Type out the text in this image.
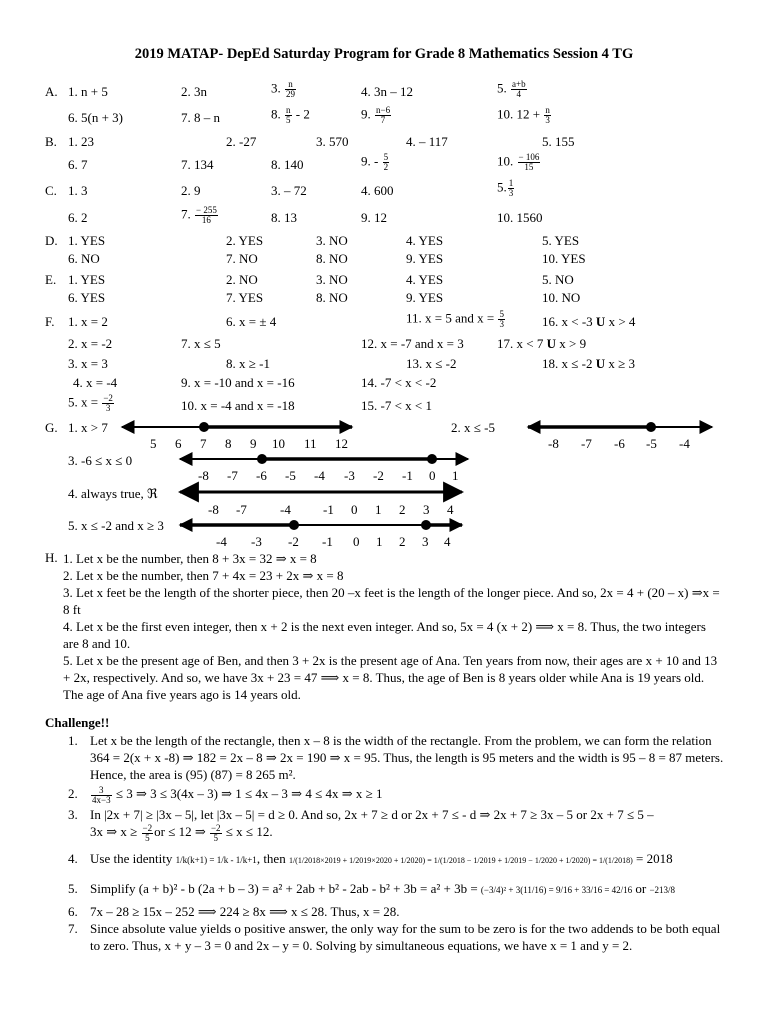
2019 MATAP- DepEd Saturday Program for Grade 8 Mathematics Session 4 TG
A. 1. n + 5	2. 3n	3. $\frac{n}{29}$	4. 3n – 12	5. $\frac{a+b}{4}$
6. 5(n + 3)	7. 8 – n	8. $\frac{n}{5} - 2$	9. $\frac{n-6}{7}$	10. $12 + \frac{n}{3}$
B. 1. 23	2. -27	3. 570	4. – 117	5. 155
6. 7	7. 134	8. 140	9. - $\frac{5}{2}$	10. $\frac{- 106}{15}$
C. 1. 3	2. 9	3. – 72	4. 600	5. $\frac{1}{3}$
6. 2	7. $\frac{- 255}{16}$	8. 13	9. 12	10. 1560
D. 1. YES	2. YES	3. NO	4. YES	5. YES
6. NO	7. NO	8. NO	9. YES	10. YES
E. 1. YES	2. NO	3. NO	4. YES	5. NO
6. YES	7. YES	8. NO	9. YES	10. NO
F. 1. x = 2	6. x = ± 4	11. x = 5 and $x = \frac{5}{3}$	16. x < -3 U x > 4
2. x = -2	7. x ≤ 5	12. x = -7 and x = 3	17. x < 7 U x > 9
3. x = 3	8. x ≥ -1	13. x ≤ -2	18. x ≤ -2 U x ≥ 3
4. x = -4	9. x = -10 and x = -16	14. -7 < x < -2
5. $x = \frac{-2}{3}$	10. x = -4 and x = -18	15. -7 < x < 1
G. 1. x > 7	2. x ≤ -5
3. -6 ≤ x ≤ 0
4. always true, ℜ
5. x ≤ -2 and x ≥ 3
5 6 7 8 9 10 11 12	-8 -7 -6 -5 -4
-8 -7 -6 -5 -4 -3 -2 -1 0 1
-8 -7	-4 -1 0 1 2 3 4
-4 -3 -2 -1 0 1 2 3 4
H. 1. Let x be the number, then 8 + 3x = 32 ⇒ x = 8
2. Let x be the number, then 7 + 4x = 23 + 2x ⇒ x = 8
3. Let x feet be the length of the shorter piece, then 20 –x feet is the length of the longer piece. And so, 2x = 4 + (20 – x) ⇒x = 8 ft
4. Let x be the first even integer, then x + 2 is the next even integer. And so, 5x = 4 (x + 2) ⟹ x = 8. Thus, the two integers are 8 and 10.
5. Let x be the present age of Ben, and then 3 + 2x is the present age of Ana. Ten years from now, their ages are x + 10 and 13 + 2x, respectively. And so, we have 3x + 23 = 47 ⟹ x = 8. Thus, the age of Ben is 8 years older while Ana is 19 years old. The age of Ana five years ago is 14 years old.
Challenge!!
1. Let x be the length of the rectangle, then x – 8 is the width of the rectangle. From the problem, we can form the relation 364 = 2(x + x -8) ⇒ 182 = 2x – 8 ⇒ 2x = 190 ⇒ x = 95. Thus, the length is 95 meters and the width is 95 – 8 = 87 meters. Hence, the area is (95) (87) = 8 265 m².
2. $\frac{3}{4x-3} \le 3$ ⇒ 3 ≤ 3(4x – 3) ⇒ 1 ≤ 4x – 3 ⇒ 4 ≤ 4x ⇒ x ≥ 1
3. In |2x + 7| ≥ |3x – 5|, let |3x – 5| = d ≥ 0. And so, 2x + 7 ≥ d or 2x + 7 ≤ - d ⇒ 2x + 7 ≥ 3x – 5 or 2x + 7 ≤ 5 –
3x ⇒ $x \ge \frac{-2}{5}$ or ≤ 12 ⇒ $\frac{-2}{5} \le x \le 12$.
4. Use the identity 1/k(k+1) = 1/k - 1/k+1, then 1/(1/2018×2019 + 1/2019×2020 + 1/2020) = 1/(1/2018 − 1/2019 + 1/2019 − 1/2020 + 1/2020) = 1/(1/2018) = 2018
5. Simplify (a + b)² - b (2a + b – 3) = a² + 2ab + b² - 2ab - b² + 3b = a² + 3b = (−3/4)² + 3(11/16) = 9/16 + 33/16 = 42/16 or −213/8
6. 7x – 28 ≥ 15x – 252 ⟹ 224 ≥ 8x ⟹ x ≤ 28. Thus, x = 28.
7. Since absolute value yields o positive answer, the only way for the sum to be zero is for the two addends to be both equal to zero. Thus, x + y – 3 = 0 and 2x – y = 0. Solving by simultaneous equations, we have x = 1 and y = 2.
